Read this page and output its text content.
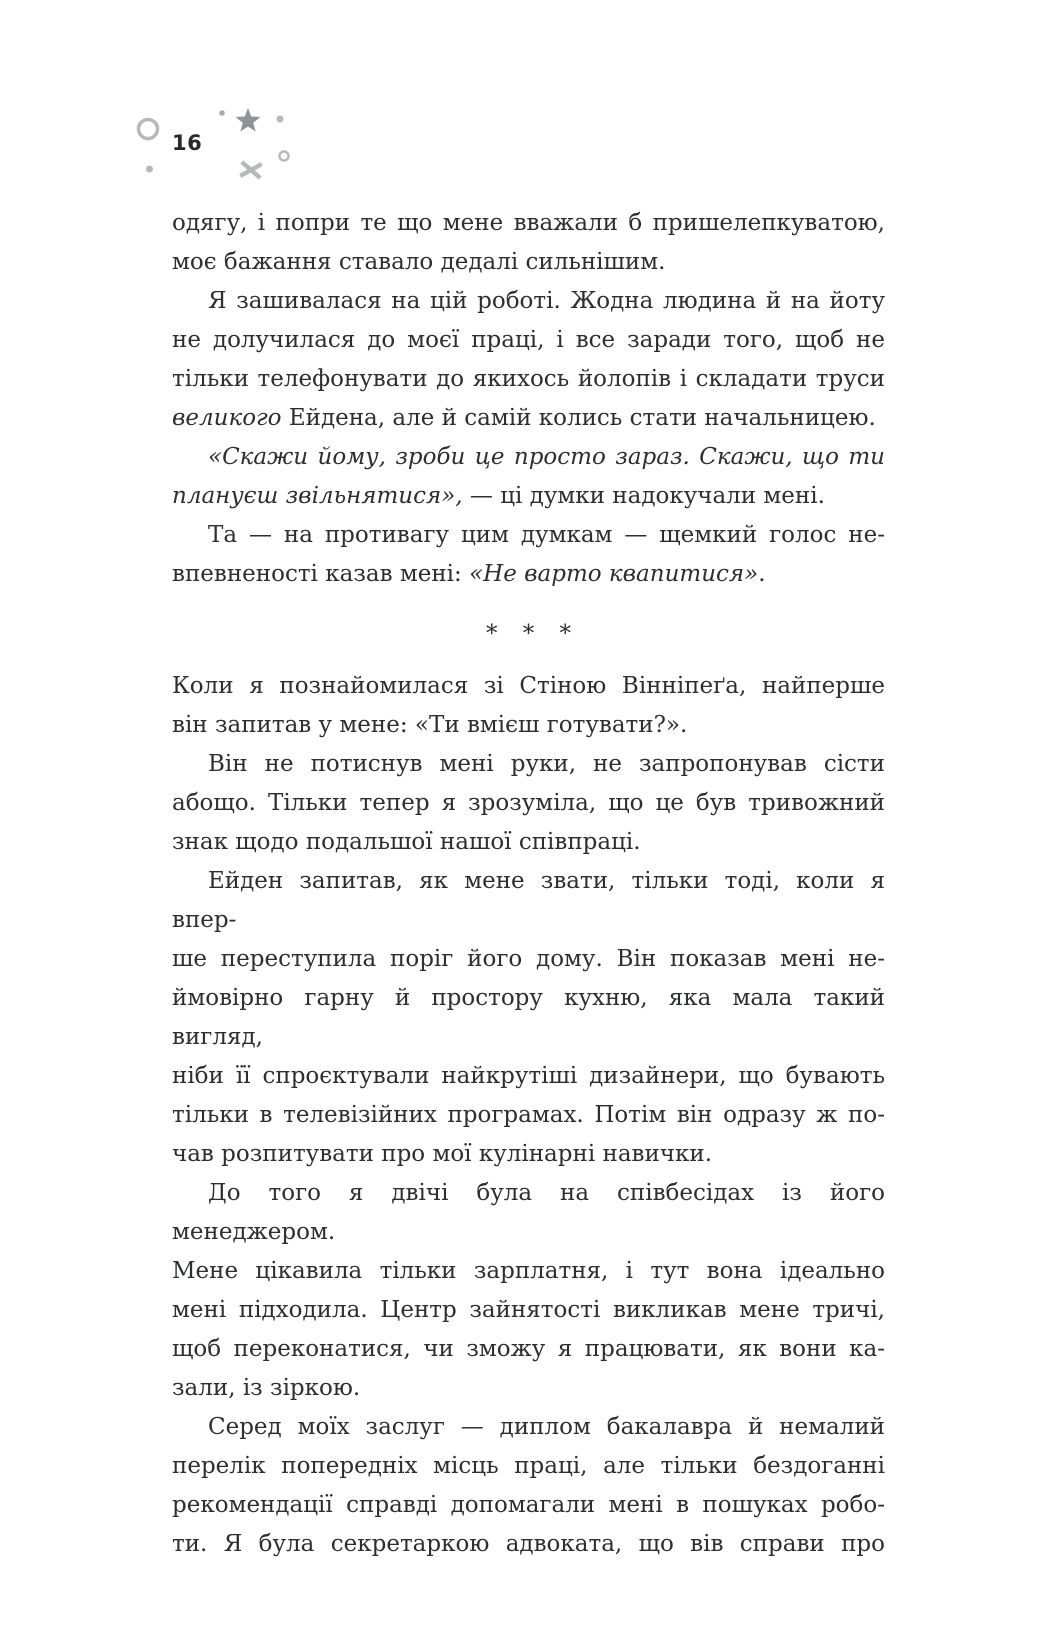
16
одягу, і попри те що мене вважали б пришелепкуватою,
моє бажання ставало дедалі сильнішим.
Я зашивалася на цій роботі. Жодна людина й на йоту
не долучилася до моєї праці, і все заради того, щоб не
тільки телефонувати до якихось йолопів і складати труси
великого Ейдена, але й самій колись стати начальницею.
«Скажи йому, зроби це просто зараз. Скажи, що ти
плануєш звільнятися», — ці думки надокучали мені.
Та — на противагу цим думкам — щемкий голос не-
впевненості казав мені: «Не варто квапитися».
* * *
Коли я познайомилася зі Стіною Вінніпеґа, найперше
він запитав у мене: «Ти вмієш готувати?».
Він не потиснув мені руки, не запропонував сісти
абощо. Тільки тепер я зрозуміла, що це був тривожний
знак щодо подальшої нашої співпраці.
Ейден запитав, як мене звати, тільки тоді, коли я впер-
ше переступила поріг його дому. Він показав мені не-
ймовірно гарну й простору кухню, яка мала такий вигляд,
ніби її спроєктували найкрутіші дизайнери, що бувають
тільки в телевізійних програмах. Потім він одразу ж по-
чав розпитувати про мої кулінарні навички.
До того я двічі була на співбесідах із його менеджером.
Мене цікавила тільки зарплатня, і тут вона ідеально
мені підходила. Центр зайнятості викликав мене тричі,
щоб переконатися, чи зможу я працювати, як вони ка-
зали, із зіркою.
Серед моїх заслуг — диплом бакалавра й немалий
перелік попередніх місць праці, але тільки бездоганні
рекомендації справді допомагали мені в пошуках робо-
ти. Я була секретаркою адвоката, що вів справи про
